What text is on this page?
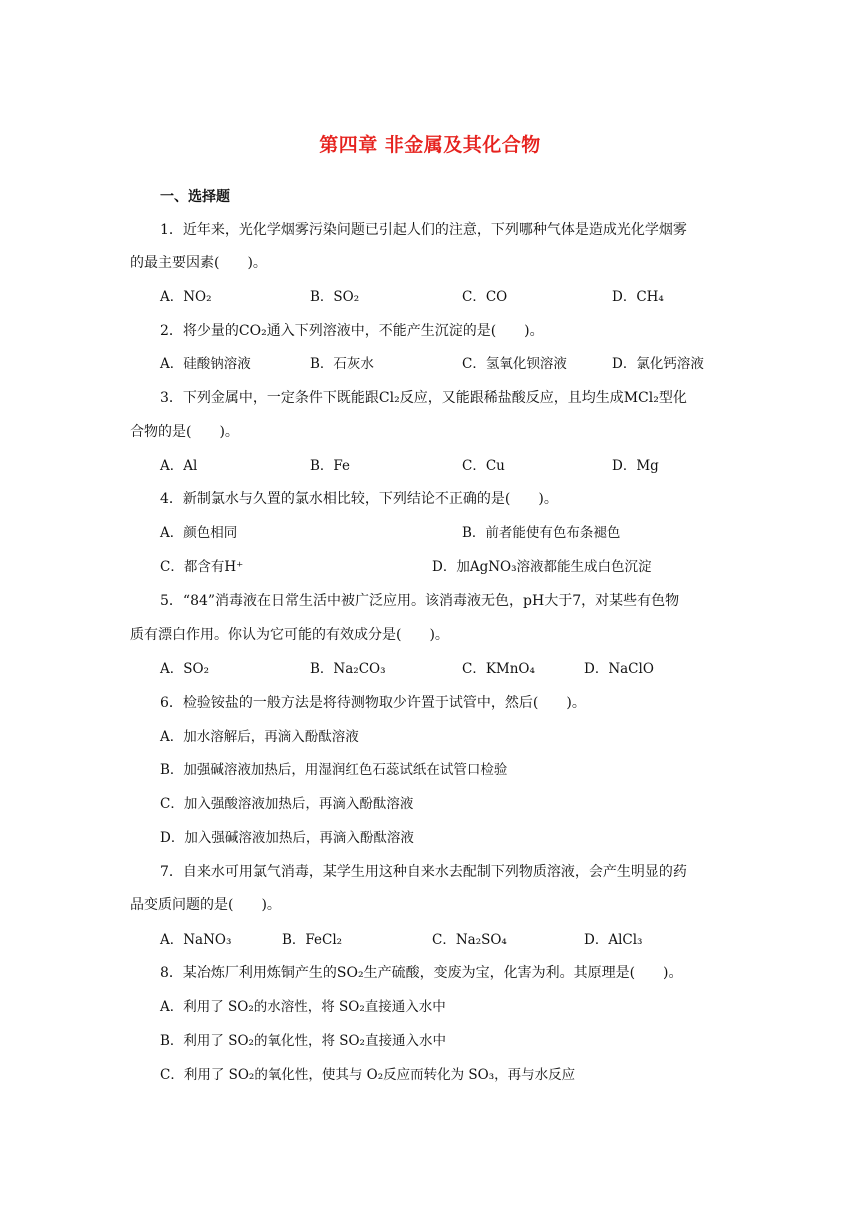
第四章 非金属及其化合物
一、选择题
1．近年来，光化学烟雾污染问题已引起人们的注意，下列哪种气体是造成光化学烟雾
的最主要因素(　　)。
A．NO₂	B．SO₂	C．CO	D．CH₄
2．将少量的CO₂通入下列溶液中，不能产生沉淀的是(　　)。
A．硅酸钠溶液	B．石灰水	C．氢氧化钡溶液	D．氯化钙溶液
3．下列金属中，一定条件下既能跟Cl₂反应，又能跟稀盐酸反应，且均生成MCl₂型化
合物的是(　　)。
A．Al	B．Fe	C．Cu	D．Mg
4．新制氯水与久置的氯水相比较，下列结论不正确的是(　　)。
A．颜色相同	B．前者能使有色布条褪色
C．都含有H⁺	D．加AgNO₃溶液都能生成白色沉淀
5．“84”消毒液在日常生活中被广泛应用。该消毒液无色，pH大于7，对某些有色物
质有漂白作用。你认为它可能的有效成分是(　　)。
A．SO₂	B．Na₂CO₃	C．KMnO₄	D．NaClO
6．检验铵盐的一般方法是将待测物取少许置于试管中，然后(　　)。
A．加水溶解后，再滴入酚酞溶液
B．加强碱溶液加热后，用湿润红色石蕊试纸在试管口检验
C．加入强酸溶液加热后，再滴入酚酞溶液
D．加入强碱溶液加热后，再滴入酚酞溶液
7．自来水可用氯气消毒，某学生用这种自来水去配制下列物质溶液，会产生明显的药
品变质问题的是(　　)。
A．NaNO₃	B．FeCl₂	C．Na₂SO₄	D．AlCl₃
8．某冶炼厂利用炼铜产生的SO₂生产硫酸，变废为宝，化害为利。其原理是(　　)。
A．利用了 SO₂的水溶性，将 SO₂直接通入水中
B．利用了 SO₂的氧化性，将 SO₂直接通入水中
C．利用了 SO₂的氧化性，使其与 O₂反应而转化为 SO₃，再与水反应
